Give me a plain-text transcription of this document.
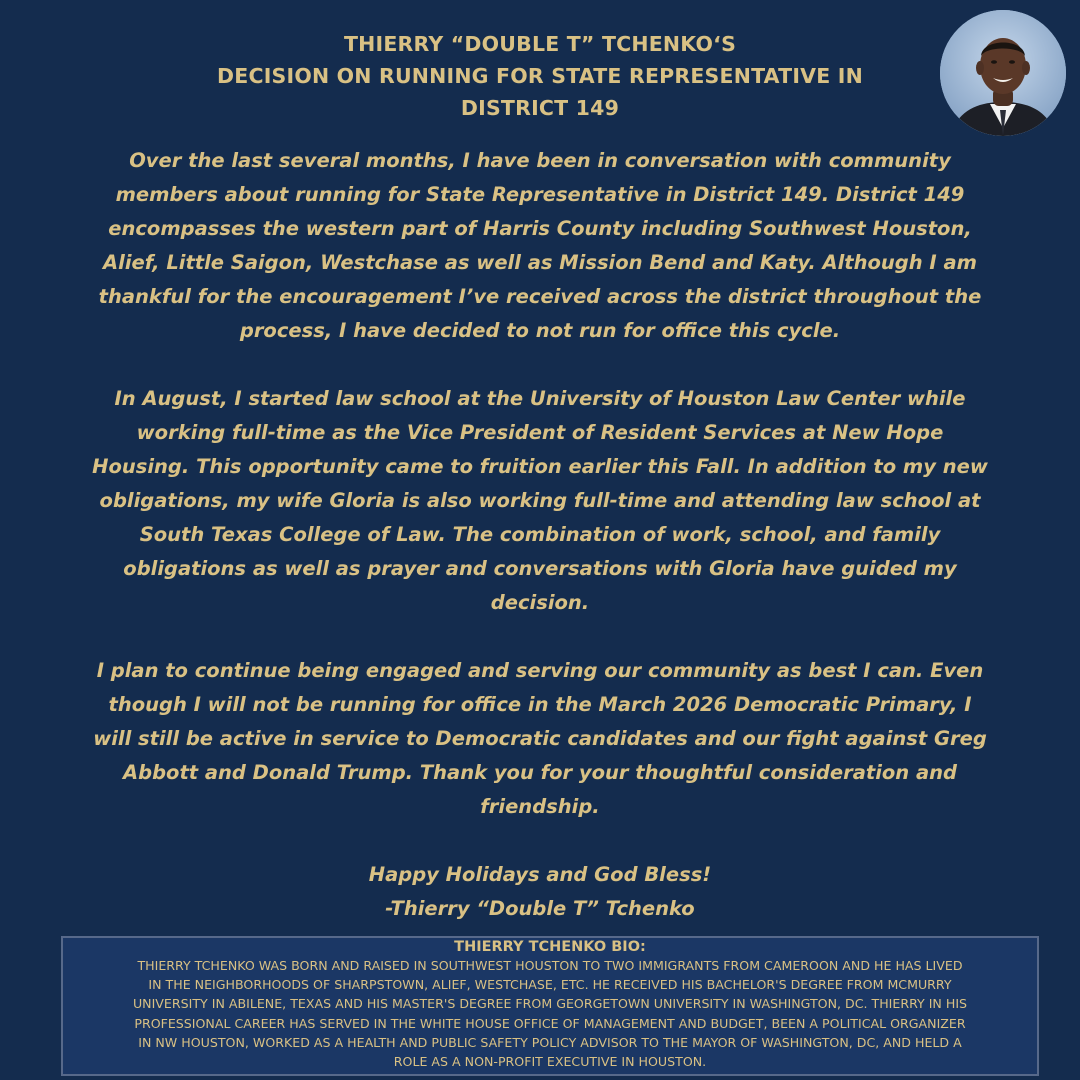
THIERRY “DOUBLE T” TCHENKO‘S
DECISION ON RUNNING FOR STATE REPRESENTATIVE IN
DISTRICT 149
Over the last several months, I have been in conversation with community
members about running for State Representative in District 149. District 149
encompasses the western part of Harris County including Southwest Houston,
Alief, Little Saigon, Westchase as well as Mission Bend and Katy. Although I am
thankful for the encouragement I’ve received across the district throughout the
process, I have decided to not run for office this cycle.
In August, I started law school at the University of Houston Law Center while
working full-time as the Vice President of Resident Services at New Hope
Housing. This opportunity came to fruition earlier this Fall. In addition to my new
obligations, my wife Gloria is also working full-time and attending law school at
South Texas College of Law. The combination of work, school, and family
obligations as well as prayer and conversations with Gloria have guided my
decision.
I plan to continue being engaged and serving our community as best I can. Even
though I will not be running for office in the March 2026 Democratic Primary, I
will still be active in service to Democratic candidates and our fight against Greg
Abbott and Donald Trump. Thank you for your thoughtful consideration and
friendship.
Happy Holidays and God Bless!
-Thierry “Double T” Tchenko
THIERRY TCHENKO BIO:
THIERRY TCHENKO WAS BORN AND RAISED IN SOUTHWEST HOUSTON TO TWO IMMIGRANTS FROM CAMEROON AND HE HAS LIVED
IN THE NEIGHBORHOODS OF SHARPSTOWN, ALIEF, WESTCHASE, ETC. HE RECEIVED HIS BACHELOR'S DEGREE FROM MCMURRY
UNIVERSITY IN ABILENE, TEXAS AND HIS MASTER'S DEGREE FROM GEORGETOWN UNIVERSITY IN WASHINGTON, DC. THIERRY IN HIS
PROFESSIONAL CAREER HAS SERVED IN THE WHITE HOUSE OFFICE OF MANAGEMENT AND BUDGET, BEEN A POLITICAL ORGANIZER
IN NW HOUSTON, WORKED AS A HEALTH AND PUBLIC SAFETY POLICY ADVISOR TO THE MAYOR OF WASHINGTON, DC, AND HELD A
ROLE AS A NON-PROFIT EXECUTIVE IN HOUSTON.
